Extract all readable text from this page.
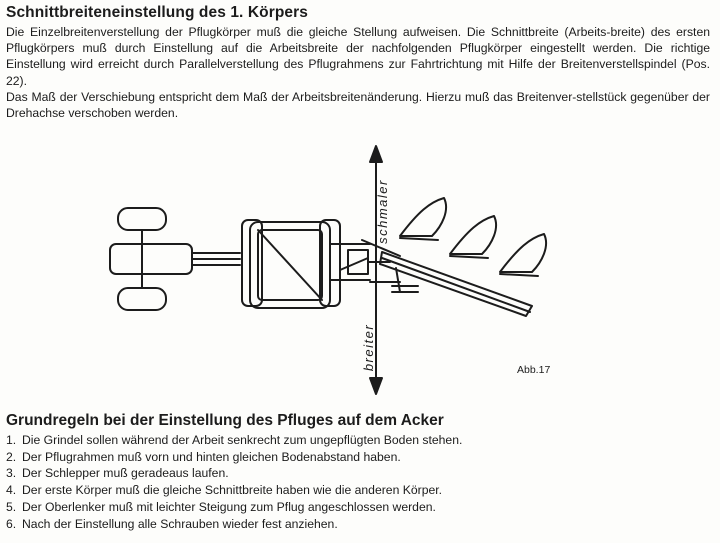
Schnittbreiteneinstellung des 1. Körpers

Die Einzelbreitenverstellung der Pflugkörper muß die gleiche Stellung aufweisen. Die Schnittbreite (Arbeits-breite) des ersten Pflugkörpers muß durch Einstellung auf die Arbeitsbreite der nachfolgenden Pflugkörper eingestellt werden. Die richtige Einstellung wird erreicht durch Parallelverstellung des Pflugrahmens zur Fahrtrichtung mit Hilfe der Breitenverstellspindel (Pos. 22).

Das Maß der Verschiebung entspricht dem Maß der Arbeitsbreitenänderung. Hierzu muß das Breitenver-stellstück gegenüber der Drehachse verschoben werden.

schmaler
breiter	Abb.17
Grundregeln bei der Einstellung des Pfluges auf dem Acker
1. Die Grindel sollen während der Arbeit senkrecht zum ungepflügten Boden stehen.
2. Der Pflugrahmen muß vorn und hinten gleichen Bodenabstand haben.
3. Der Schlepper muß geradeaus laufen.
4. Der erste Körper muß die gleiche Schnittbreite haben wie die anderen Körper.
5. Der Oberlenker muß mit leichter Steigung zum Pflug angeschlossen werden.
6. Nach der Einstellung alle Schrauben wieder fest anziehen.
